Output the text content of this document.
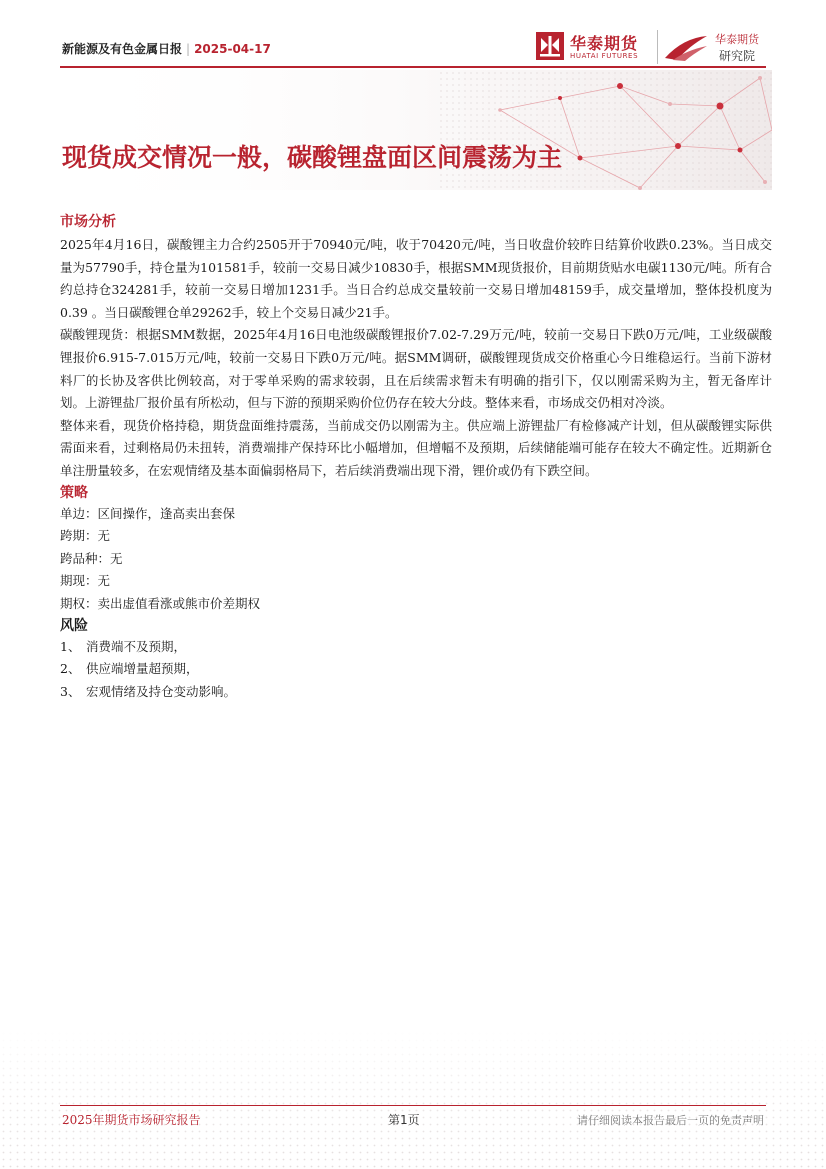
新能源及有色金属日报 | 2025-04-17	华泰期货
HUATAI FUTURES
华泰期货
研究院
现货成交情况一般，碳酸锂盘面区间震荡为主

市场分析

2025年4月16日，碳酸锂主力合约2505开于70940元/吨，收于70420元/吨，当日收盘价较昨日结算价收跌0.23%。当日成交量为57790手，持仓量为101581手，较前一交易日减少10830手，根据SMM现货报价，目前期货贴水电碳1130元/吨。所有合约总持仓324281手，较前一交易日增加1231手。当日合约总成交量较前一交易日增加48159手，成交量增加，整体投机度为0.39 。当日碳酸锂仓单29262手，较上个交易日减少21手。

碳酸锂现货：根据SMM数据，2025年4月16日电池级碳酸锂报价7.02-7.29万元/吨，较前一交易日下跌0万元/吨，工业级碳酸锂报价6.915-7.015万元/吨，较前一交易日下跌0万元/吨。据SMM调研，碳酸锂现货成交价格重心今日维稳运行。当前下游材料厂的长协及客供比例较高，对于零单采购的需求较弱，且在后续需求暂未有明确的指引下，仅以刚需采购为主，暂无备库计划。上游锂盐厂报价虽有所松动，但与下游的预期采购价位仍存在较大分歧。整体来看，市场成交仍相对冷淡。

整体来看，现货价格持稳，期货盘面维持震荡，当前成交仍以刚需为主。供应端上游锂盐厂有检修减产计划，但从碳酸锂实际供需面来看，过剩格局仍未扭转，消费端排产保持环比小幅增加，但增幅不及预期，后续储能端可能存在较大不确定性。近期新仓单注册量较多，在宏观情绪及基本面偏弱格局下，若后续消费端出现下滑，锂价或仍有下跌空间。

策略

单边：区间操作，逢高卖出套保

跨期：无

跨品种：无

期现：无

期权：卖出虚值看涨或熊市价差期权

风险

1、 消费端不及预期，

2、 供应端增量超预期，

3、 宏观情绪及持仓变动影响。

2025年期货市场研究报告	第1页	请仔细阅读本报告最后一页的免责声明
